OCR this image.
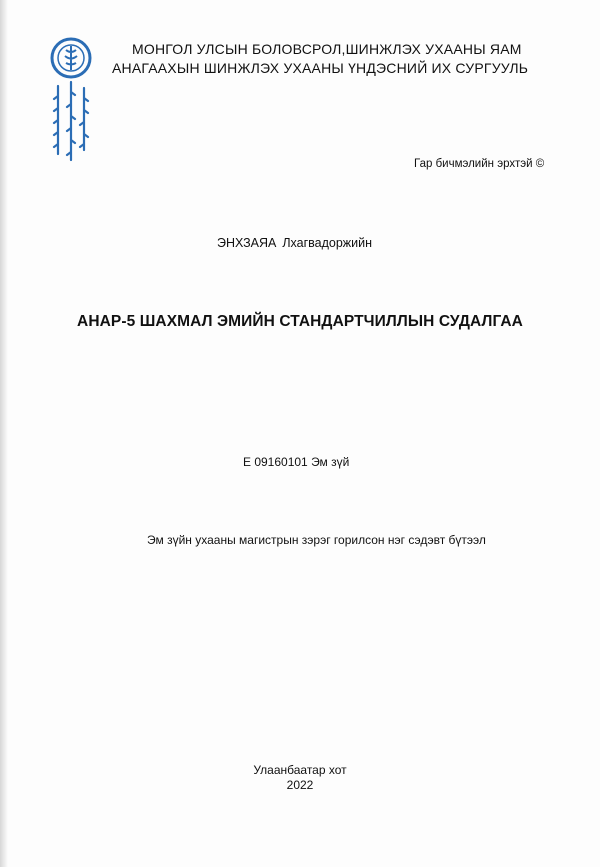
МОНГОЛ УЛСЫН БОЛОВСРОЛ,ШИНЖЛЭХ УХААНЫ ЯАМ
АНАГААХЫН ШИНЖЛЭХ УХААНЫ ҮНДЭСНИЙ ИХ СУРГУУЛЬ
Гар бичмэлийн эрхтэй ©
ЭНХЗАЯА Лхагвадоржийн
АНАР-5 ШАХМАЛ ЭМИЙН СТАНДАРТЧИЛЛЫН СУДАЛГАА
Е 09160101 Эм зүй
Эм зүйн ухааны магистрын зэрэг горилсон нэг сэдэвт бүтээл
Улаанбаатар хот
2022
